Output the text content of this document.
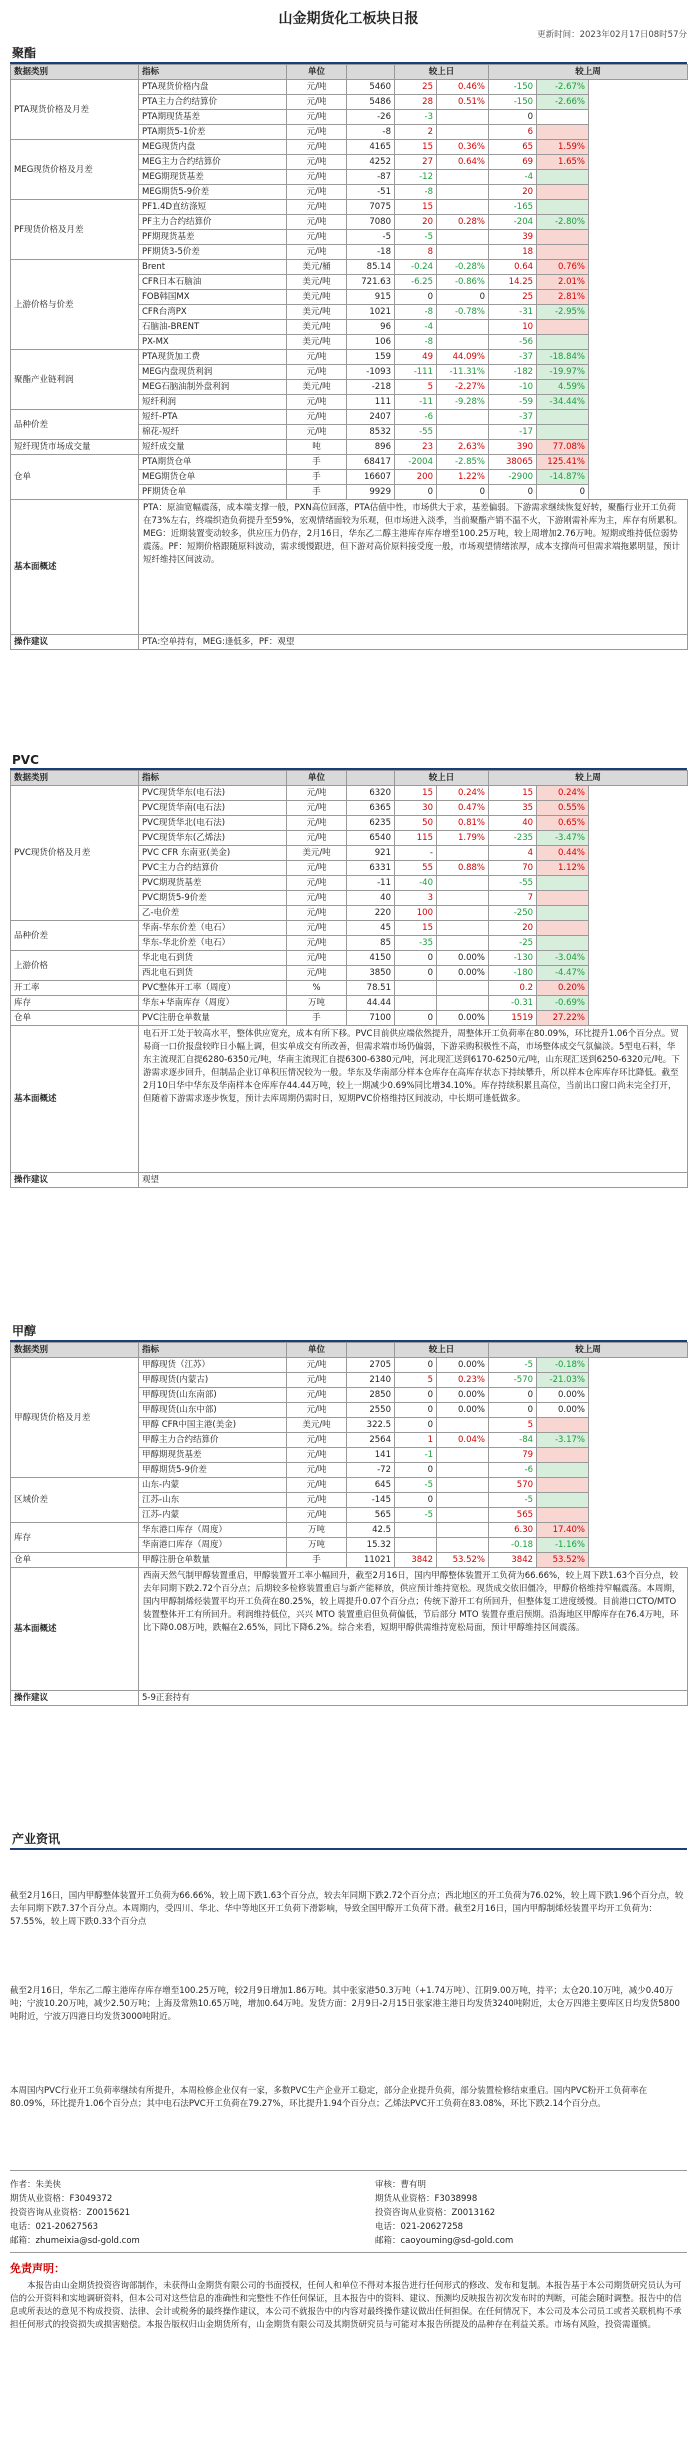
山金期货化工板块日报
更新时间：2023年02月17日08时57分
聚酯
数据类别	指标	单位		较上日		较上周	
PTA现货价格及月差	PTA现货价格内盘	元/吨	5460	25	0.46%	-150	-2.67%
	PTA主力合约结算价	元/吨	5486	28	0.51%	-150	-2.66%
	PTA期现货基差	元/吨	-26	-3		0	
	PTA期货5-1价差	元/吨	-8	2		6	
MEG现货价格及月差	MEG现货内盘	元/吨	4165	15	0.36%	65	1.59%
	MEG主力合约结算价	元/吨	4252	27	0.64%	69	1.65%
	MEG期现货基差	元/吨	-87	-12		-4	
	MEG期货5-9价差	元/吨	-51	-8		20	
PF现货价格及月差	PF1.4D直纺涤短	元/吨	7075	15		-165	
	PF主力合约结算价	元/吨	7080	20	0.28%	-204	-2.80%
	PF期现货基差	元/吨	-5	-5		39	
	PF期货3-5价差	元/吨	-18	8		18	
上游价格与价差	Brent	美元/桶	85.14	-0.24	-0.28%	0.64	0.76%
	CFR日本石脑油	美元/吨	721.63	-6.25	-0.86%	14.25	2.01%
	FOB韩国MX	美元/吨	915	0	0	25	2.81%
	CFR台湾PX	美元/吨	1021	-8	-0.78%	-31	-2.95%
	石脑油-BRENT	美元/吨	96	-4		10	
	PX-MX	美元/吨	106	-8		-56	
聚酯产业链利润	PTA现货加工费	元/吨	159	49	44.09%	-37	-18.84%
	MEG内盘现货利润	元/吨	-1093	-111	-11.31%	-182	-19.97%
	MEG石脑油制外盘利润	美元/吨	-218	5	-2.27%	-10	4.59%
	短纤利润	元/吨	111	-11	-9.28%	-59	-34.44%
品种价差	短纤-PTA	元/吨	2407	-6		-37	
	棉花-短纤	元/吨	8532	-55		-17	
短纤现货市场成交量	短纤成交量	吨	896	23	2.63%	390	77.08%
仓单	PTA期货仓单	手	68417	-2004	-2.85%	38065	125.41%
	MEG期货仓单	手	16607	200	1.22%	-2900	-14.87%
	PF期货仓单	手	9929	0	0	0	0
基本面概述	PTA：原油宽幅震荡，成本端支撑一般，PXN高位回落，PTA估值中性，市场供大于求，基差偏弱。下游需求继续恢复好转，聚酯行业开工负荷在73%左右，终端织造负荷提升至59%，宏观情绪面较为乐观，但市场进入淡季，当前聚酯产销不温不火，下游刚需补库为主，库存有所累积。MEG：近期装置变动较多，供应压力仍存，2月16日，华东乙二醇主港库存库存增至100.25万吨，较上周增加2.76万吨。短期或维持低位弱势震荡。PF：短期价格跟随原料波动，需求缓慢跟进，但下游对高价原料接受度一般，市场观望情绪浓厚，成本支撑尚可但需求端拖累明显，预计短纤维持区间波动。						
操作建议	PTA:空单持有，MEG:逢低多，PF：观望						
PVC
数据类别	指标	单位		较上日		较上周	
PVC现货价格及月差	PVC现货华东(电石法)	元/吨	6320	15	0.24%	15	0.24%
	PVC现货华南(电石法)	元/吨	6365	30	0.47%	35	0.55%
	PVC现货华北(电石法)	元/吨	6235	50	0.81%	40	0.65%
	PVC现货华东(乙烯法)	元/吨	6540	115	1.79%	-235	-3.47%
	PVC CFR 东南亚(美金)	美元/吨	921	-		4	0.44%
	PVC主力合约结算价	元/吨	6331	55	0.88%	70	1.12%
	PVC期现货基差	元/吨	-11	-40		-55	
	PVC期货5-9价差	元/吨	40	3		7	
	乙-电价差	元/吨	220	100		-250	
品种价差	华南-华东价差（电石）	元/吨	45	15		20	
	华东-华北价差（电石）	元/吨	85	-35		-25	
上游价格	华北电石到货	元/吨	4150	0	0.00%	-130	-3.04%
	西北电石到货	元/吨	3850	0	0.00%	-180	-4.47%
开工率	PVC整体开工率（周度）	%	78.51			0.2	0.20%
库存	华东+华南库存（周度）	万吨	44.44			-0.31	-0.69%
仓单	PVC注册仓单数量	手	7100	0	0.00%	1519	27.22%
基本面概述	电石开工处于较高水平，整体供应宽充，成本有所下移。PVC目前供应端依然提升，周整体开工负荷率在80.09%，环比提升1.06个百分点。贸易商一口价报盘较昨日小幅上调，但实单成交有所改善，但需求端市场仍偏弱，下游采购积极性不高，市场整体成交气氛偏淡。5型电石料，华东主流现汇自提6280-6350元/吨，华南主流现汇自提6300-6380元/吨，河北现汇送到6170-6250元/吨，山东现汇送到6250-6320元/吨。下游需求逐步回升，但制品企业订单积压情况较为一般。华东及华南部分样本仓库存在高库存状态下持续攀升，所以样本仓库库存环比降低。截至2月10日华中华东及华南样本仓库库存44.44万吨，较上一期减少0.69%同比增34.10%。库存持续积累且高位，当前出口窗口尚未完全打开，但随着下游需求逐步恢复，预计去库周期仍需时日，短期PVC价格维持区间波动，中长期可逢低做多。						
操作建议	观望						
甲醇
数据类别	指标	单位		较上日		较上周	
甲醇现货价格及月差	甲醇现货（江苏）	元/吨	2705	0	0.00%	-5	-0.18%
	甲醇现货(内蒙古)	元/吨	2140	5	0.23%	-570	-21.03%
	甲醇现货(山东南部)	元/吨	2850	0	0.00%	0	0.00%
	甲醇现货(山东中部)	元/吨	2550	0	0.00%	0	0.00%
	甲醇 CFR中国主港(美金)	美元/吨	322.5	0		5	
	甲醇主力合约结算价	元/吨	2564	1	0.04%	-84	-3.17%
	甲醇期现货基差	元/吨	141	-1		79	
	甲醇期货5-9价差	元/吨	-72	0		-6	
区域价差	山东-内蒙	元/吨	645	-5		570	
	江苏-山东	元/吨	-145	0		-5	
	江苏-内蒙	元/吨	565	-5		565	
库存	华东港口库存（周度）	万吨	42.5			6.30	17.40%
	华南港口库存（周度）	万吨	15.32			-0.18	-1.16%
仓单	甲醇注册仓单数量	手	11021	3842	53.52%	3842	53.52%
基本面概述	西南天然气制甲醇装置重启，甲醇装置开工率小幅回升，截至2月16日，国内甲醇整体装置开工负荷为66.66%，较上周下跌1.63个百分点，较去年同期下跌2.72个百分点；后期较多检修装置重启与新产能释放，供应预计维持宽松。现货成交依旧僵冷，甲醇价格维持窄幅震荡。本周期，国内甲醇制烯烃装置平均开工负荷在80.25%，较上周提升0.07个百分点；传统下游开工有所回升，但整体复工进度缓慢。目前港口CTO/MTO装置整体开工有所回升。利润维持低位，兴兴 MTO 装置重启但负荷偏低，节后部分 MTO 装置存重启预期。沿海地区甲醇库存在76.4万吨，环比下降0.08万吨，跌幅在2.65%，同比下降6.2%。综合来看，短期甲醇供需维持宽松局面，预计甲醇维持区间震荡。						
操作建议	5-9正套持有						
产业资讯
截至2月16日，国内甲醇整体装置开工负荷为66.66%，较上周下跌1.63个百分点，较去年同期下跌2.72个百分点；西北地区的开工负荷为76.02%，较上周下跌1.96个百分点，较去年同期下跌7.37个百分点。本周期内，受四川、华北、华中等地区开工负荷下滑影响，导致全国甲醇开工负荷下滑。截至2月16日，国内甲醇制烯烃装置平均开工负荷为：57.55%，较上周下跌0.33个百分点
截至2月16日，华东乙二醇主港库存库存增至100.25万吨，较2月9日增加1.86万吨。其中张家港50.3万吨（+1.74万吨）、江阴9.00万吨，持平；太仓20.10万吨，减少0.40万吨；宁波10.20万吨，减少2.50万吨；上海及常熟10.65万吨，增加0.64万吨。发货方面：2月9日-2月15日张家港主港日均发货3240吨附近，太仓万四港主要库区日均发货5800吨附近，宁波万四港日均发货3000吨附近。
本周国内PVC行业开工负荷率继续有所提升，本周检修企业仅有一家，多数PVC生产企业开工稳定，部分企业提升负荷，部分装置检修结束重启。国内PVC粉开工负荷率在80.09%，环比提升1.06个百分点；其中电石法PVC开工负荷在79.27%，环比提升1.94个百分点；乙烯法PVC开工负荷在83.08%，环比下跌2.14个百分点。
作者：朱美侠
期货从业资格：F3049372
投资咨询从业资格：Z0015621
电话：021-20627563
邮箱：zhumeixia@sd-gold.com
审核：曹有明
期货从业资格：F3038998
投资咨询从业资格：Z0013162
电话：021-20627258
邮箱：caoyouming@sd-gold.com
免责声明：
本报告由山金期货投资咨询部制作，未获得山金期货有限公司的书面授权，任何人和单位不得对本报告进行任何形式的修改、发布和复制。本报告基于本公司期货研究员认为可信的公开资料和实地调研资料，但本公司对这些信息的准确性和完整性不作任何保证，且本报告中的资料、建议、预测均反映报告初次发布时的判断，可能会随时调整。报告中的信息或所表达的意见不构成投资、法律、会计或税务的最终操作建议，本公司不就报告中的内容对最终操作建议做出任何担保。在任何情况下，本公司及本公司员工或者关联机构不承担任何形式的投资损失或损害赔偿。本报告版权归山金期货所有，山金期货有限公司及其期货研究员与可能对本报告所提及的品种存在利益关系。市场有风险，投资需谨慎。
